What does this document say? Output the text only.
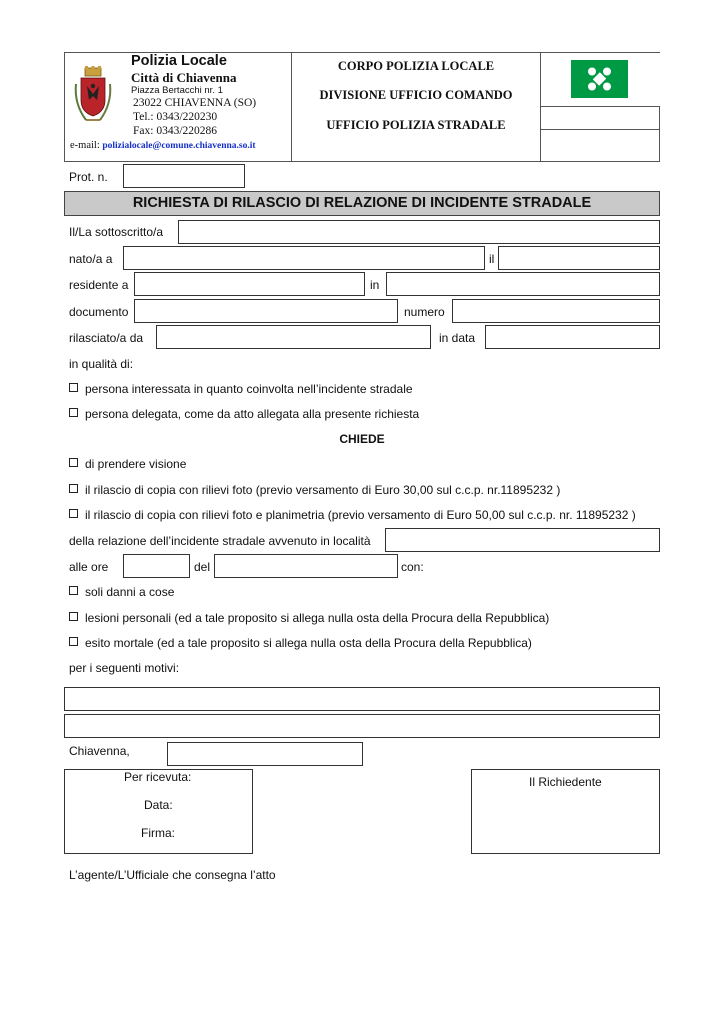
Polizia Locale
Città di Chiavenna
Piazza Bertacchi nr. 1
23022 CHIAVENNA (SO)
Tel.: 0343/220230
Fax: 0343/220286
e-mail: polizialocale@comune.chiavenna.so.it
CORPO POLIZIA LOCALE
DIVISIONE UFFICIO COMANDO
UFFICIO POLIZIA STRADALE
Prot. n.
RICHIESTA DI RILASCIO DI RELAZIONE DI INCIDENTE STRADALE
Il/La sottoscritto/a
nato/a a	il
residente a	in
documento	numero
rilasciato/a da	in data
in qualità di:
persona interessata in quanto coinvolta nell’incidente stradale
persona delegata, come da atto allegata alla presente richiesta
CHIEDE
di prendere visione
il rilascio di copia con rilievi foto (previo versamento di Euro 30,00 sul c.c.p. nr.11895232 )
il rilascio di copia con rilievi foto e planimetria (previo versamento di Euro 50,00 sul c.c.p. nr. 11895232 )
della relazione dell’incidente stradale avvenuto in località
alle ore	del	con:
soli danni a cose
lesioni personali (ed a tale proposito si allega nulla osta della Procura della Repubblica)
esito mortale (ed a tale proposito si allega nulla osta della Procura della Repubblica)
per i seguenti motivi:
Chiavenna,
Per ricevuta:
Data:
Firma:
Il Richiedente
L’agente/L’Ufficiale che consegna l’atto
